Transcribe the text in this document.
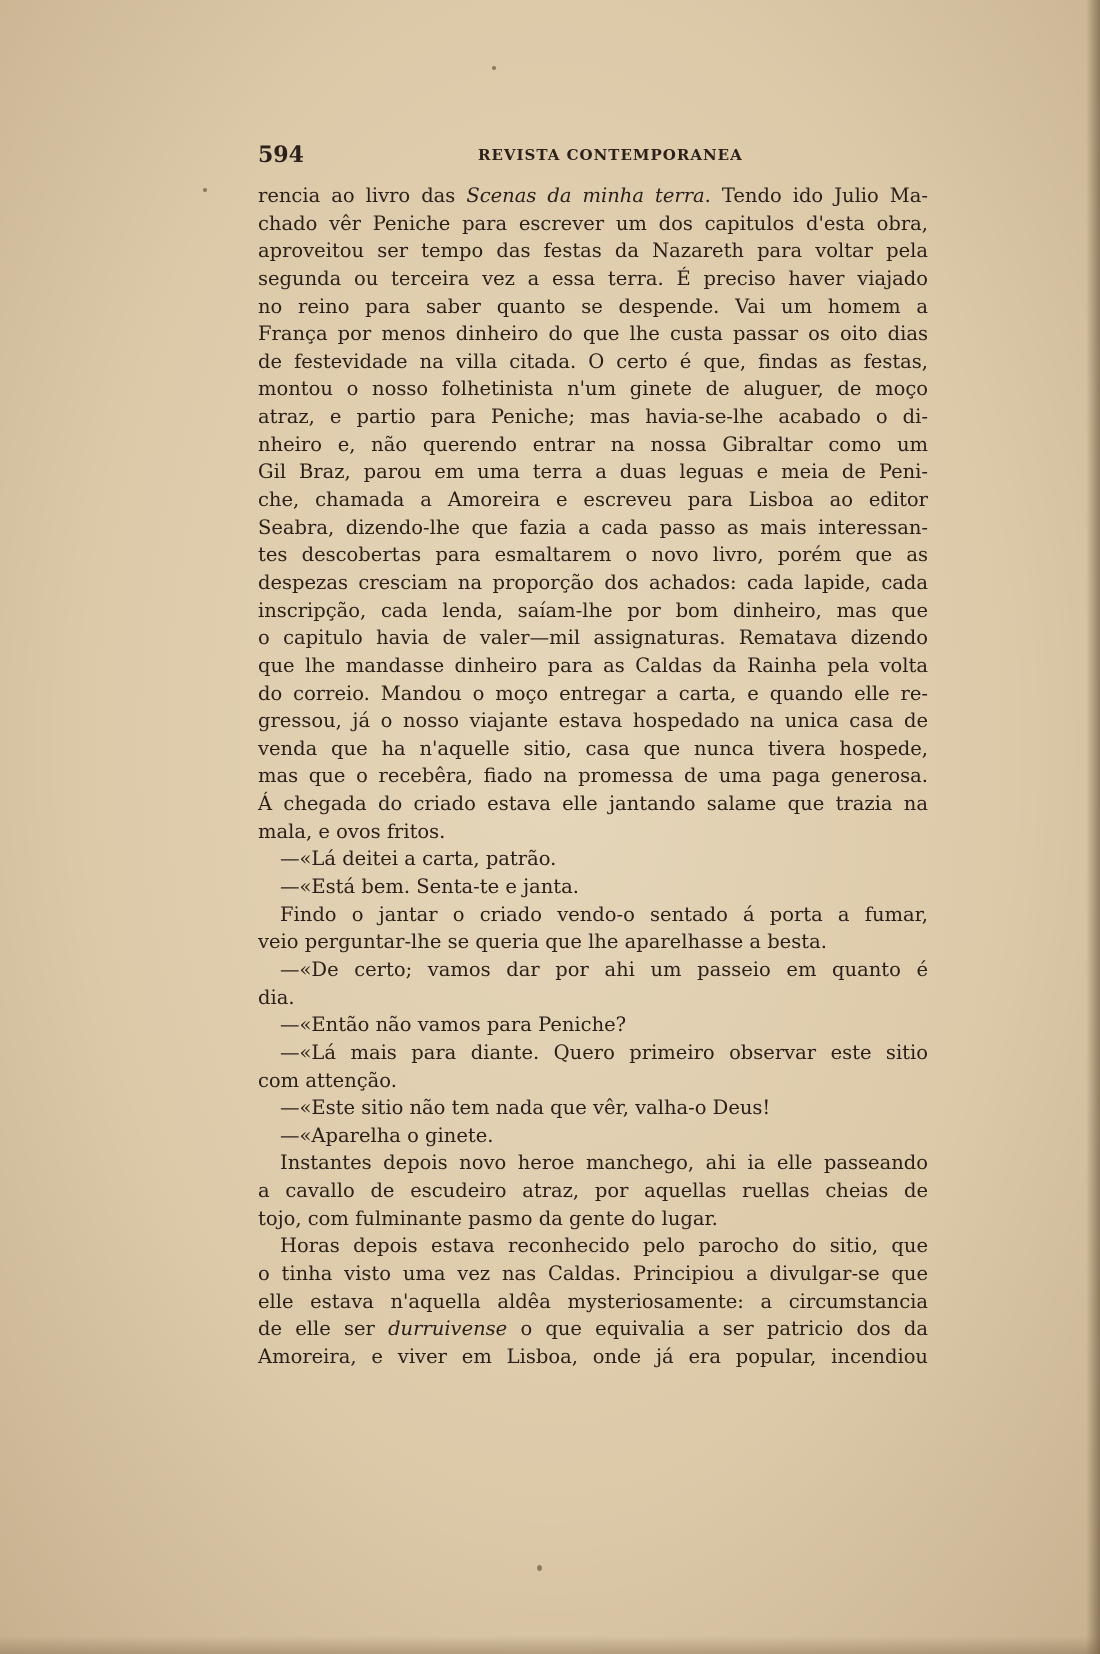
594	REVISTA CONTEMPORANEA
rencia ao livro das Scenas da minha terra. Tendo ido Julio Ma-
chado vêr Peniche para escrever um dos capitulos d'esta obra,
aproveitou ser tempo das festas da Nazareth para voltar pela
segunda ou terceira vez a essa terra. É preciso haver viajado
no reino para saber quanto se despende. Vai um homem a
França por menos dinheiro do que lhe custa passar os oito dias
de festevidade na villa citada. O certo é que, findas as festas,
montou o nosso folhetinista n'um ginete de aluguer, de moço
atraz, e partio para Peniche; mas havia-se-lhe acabado o di-
nheiro e, não querendo entrar na nossa Gibraltar como um
Gil Braz, parou em uma terra a duas leguas e meia de Peni-
che, chamada a Amoreira e escreveu para Lisboa ao editor
Seabra, dizendo-lhe que fazia a cada passo as mais interessan-
tes descobertas para esmaltarem o novo livro, porém que as
despezas cresciam na proporção dos achados: cada lapide, cada
inscripção, cada lenda, saíam-lhe por bom dinheiro, mas que
o capitulo havia de valer—mil assignaturas. Rematava dizendo
que lhe mandasse dinheiro para as Caldas da Rainha pela volta
do correio. Mandou o moço entregar a carta, e quando elle re-
gressou, já o nosso viajante estava hospedado na unica casa de
venda que ha n'aquelle sitio, casa que nunca tivera hospede,
mas que o recebêra, fiado na promessa de uma paga generosa.
Á chegada do criado estava elle jantando salame que trazia na
mala, e ovos fritos.
—«Lá deitei a carta, patrão.
—«Está bem. Senta-te e janta.
Findo o jantar o criado vendo-o sentado á porta a fumar,
veio perguntar-lhe se queria que lhe aparelhasse a besta.
—«De certo; vamos dar por ahi um passeio em quanto é
dia.
—«Então não vamos para Peniche?
—«Lá mais para diante. Quero primeiro observar este sitio
com attenção.
—«Este sitio não tem nada que vêr, valha-o Deus!
—«Aparelha o ginete.
Instantes depois novo heroe manchego, ahi ia elle passeando
a cavallo de escudeiro atraz, por aquellas ruellas cheias de
tojo, com fulminante pasmo da gente do lugar.
Horas depois estava reconhecido pelo parocho do sitio, que
o tinha visto uma vez nas Caldas. Principiou a divulgar-se que
elle estava n'aquella aldêa mysteriosamente: a circumstancia
de elle ser durruivense o que equivalia a ser patricio dos da
Amoreira, e viver em Lisboa, onde já era popular, incendiou
